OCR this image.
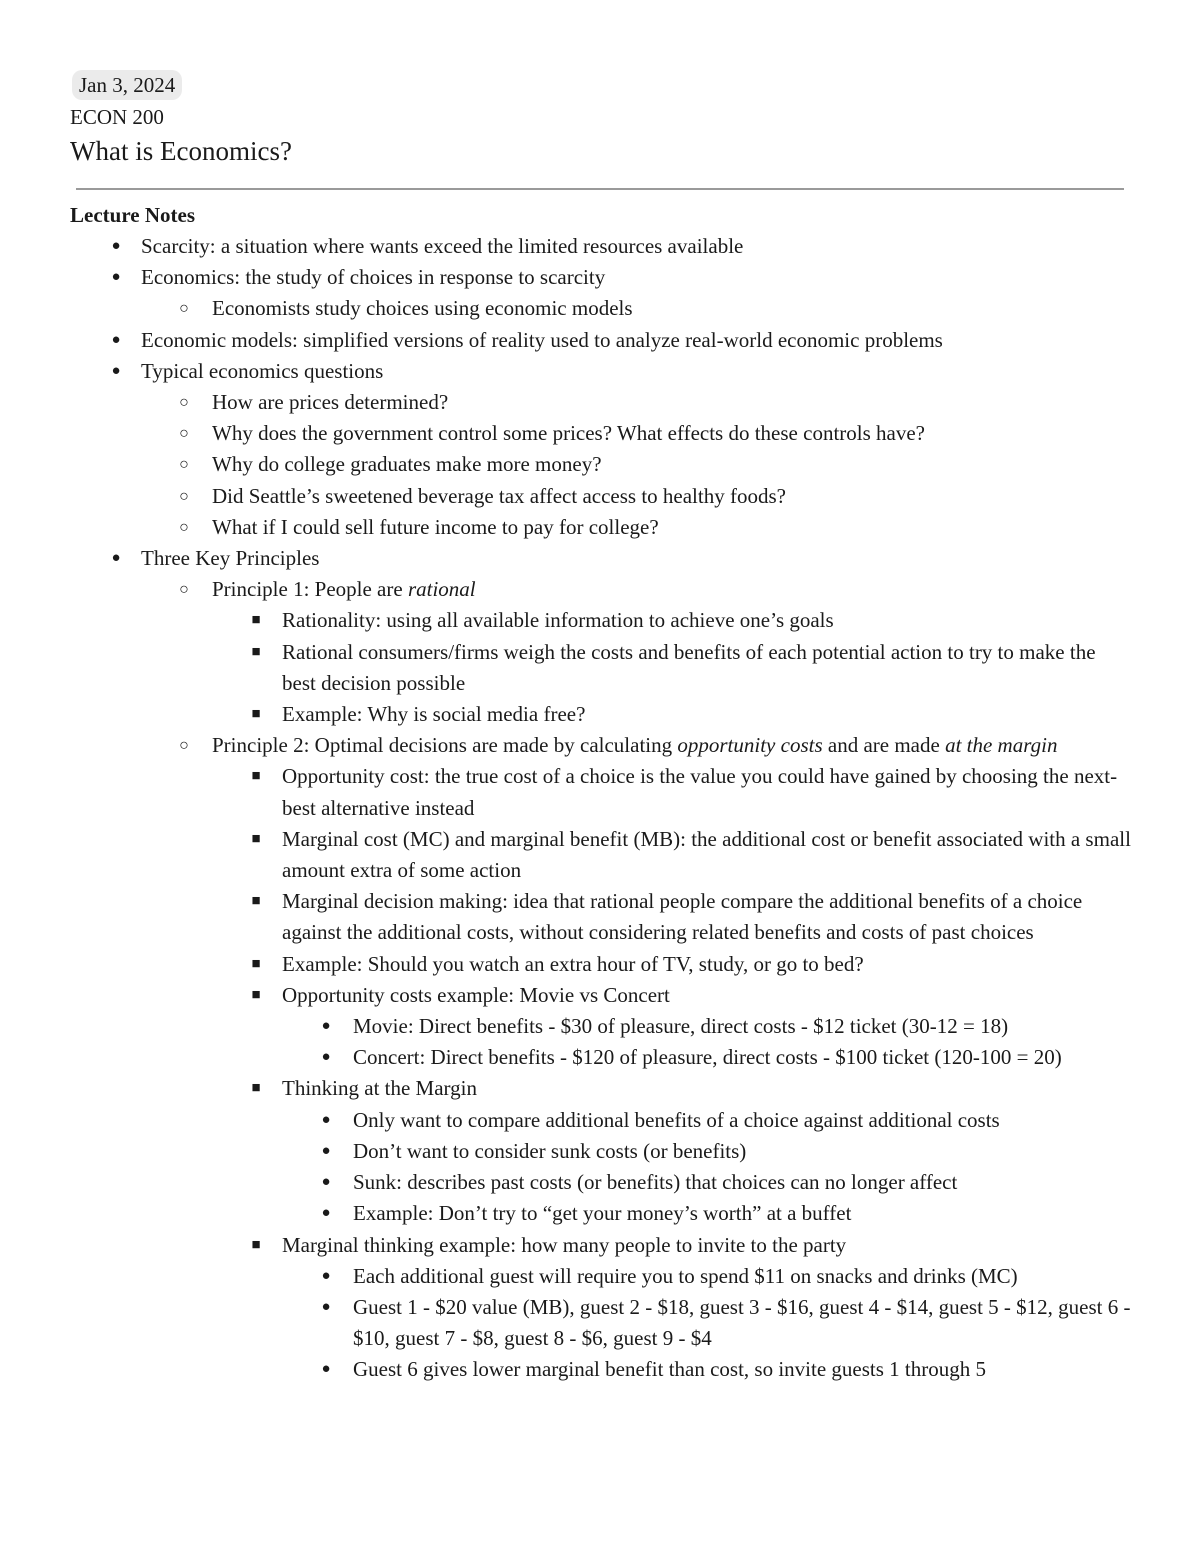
Jan 3, 2024
ECON 200
What is Economics?
Lecture Notes
● Scarcity: a situation where wants exceed the limited resources available
● Economics: the study of choices in response to scarcity
○ Economists study choices using economic models
● Economic models: simplified versions of reality used to analyze real-world economic problems
● Typical economics questions
○ How are prices determined?
○ Why does the government control some prices? What effects do these controls have?
○ Why do college graduates make more money?
○ Did Seattle’s sweetened beverage tax affect access to healthy foods?
○ What if I could sell future income to pay for college?
● Three Key Principles
○ Principle 1: People are rational
■ Rationality: using all available information to achieve one’s goals
■ Rational consumers/firms weigh the costs and benefits of each potential action to try to make the best decision possible
■ Example: Why is social media free?
○ Principle 2: Optimal decisions are made by calculating opportunity costs and are made at the margin
■ Opportunity cost: the true cost of a choice is the value you could have gained by choosing the next-best alternative instead
■ Marginal cost (MC) and marginal benefit (MB): the additional cost or benefit associated with a small amount extra of some action
■ Marginal decision making: idea that rational people compare the additional benefits of a choice against the additional costs, without considering related benefits and costs of past choices
■ Example: Should you watch an extra hour of TV, study, or go to bed?
■ Opportunity costs example: Movie vs Concert
● Movie: Direct benefits - $30 of pleasure, direct costs - $12 ticket (30-12 = 18)
● Concert: Direct benefits - $120 of pleasure, direct costs - $100 ticket (120-100 = 20)
■ Thinking at the Margin
● Only want to compare additional benefits of a choice against additional costs
● Don’t want to consider sunk costs (or benefits)
● Sunk: describes past costs (or benefits) that choices can no longer affect
● Example: Don’t try to “get your money’s worth” at a buffet
■ Marginal thinking example: how many people to invite to the party
● Each additional guest will require you to spend $11 on snacks and drinks (MC)
● Guest 1 - $20 value (MB), guest 2 - $18, guest 3 - $16, guest 4 - $14, guest 5 - $12, guest 6 - $10, guest 7 - $8, guest 8 - $6, guest 9 - $4
● Guest 6 gives lower marginal benefit than cost, so invite guests 1 through 5
